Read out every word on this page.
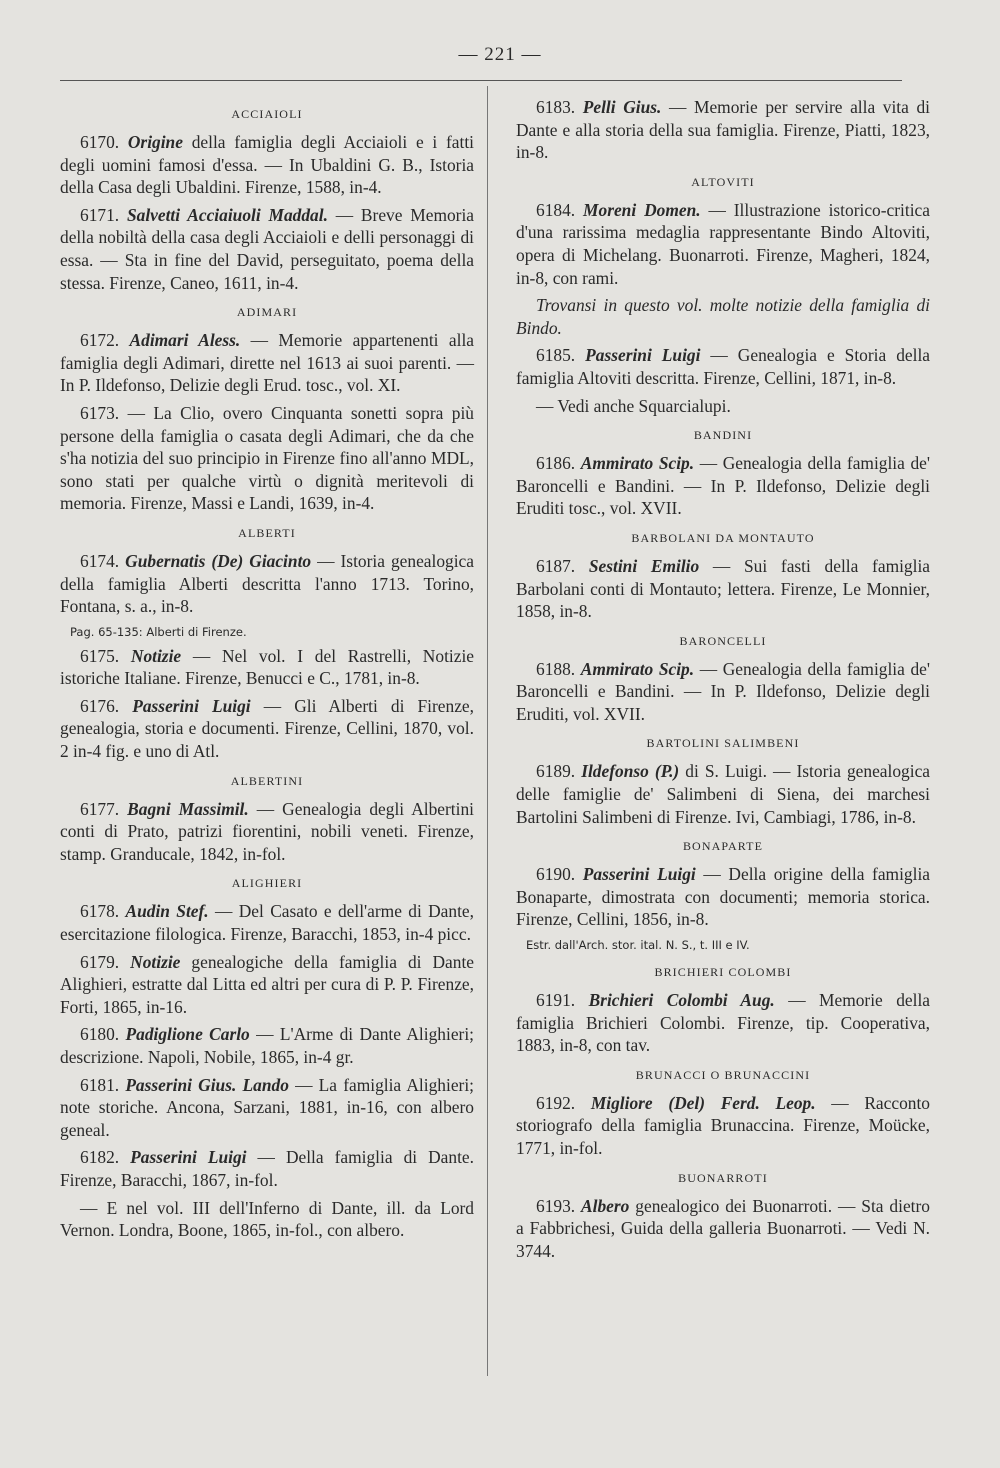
— 221 —
ACCIAIOLI
6170. Origine della famiglia degli Acciaioli e i fatti degli uomini famosi d'essa. — In Ubaldini G. B., Istoria della Casa degli Ubaldini. Firenze, 1588, in-4.
6171. Salvetti Acciaiuoli Maddal. — Breve Memoria della nobiltà della casa degli Acciaioli e delli personaggi di essa. — Sta in fine del David, perseguitato, poema della stessa. Firenze, Caneo, 1611, in-4.
ADIMARI
6172. Adimari Aless. — Memorie appartenenti alla famiglia degli Adimari, dirette nel 1613 ai suoi parenti. — In P. Ildefonso, Delizie degli Erud. tosc., vol. XI.
6173. — La Clio, overo Cinquanta sonetti sopra più persone della famiglia o casata degli Adimari, che da che s'ha notizia del suo principio in Firenze fino all'anno MDL, sono stati per qualche virtù o dignità meritevoli di memoria. Firenze, Massi e Landi, 1639, in-4.
ALBERTI
6174. Gubernatis (De) Giacinto — Istoria genealogica della famiglia Alberti descritta l'anno 1713. Torino, Fontana, s. a., in-8.
Pag. 65-135: Alberti di Firenze.
6175. Notizie — Nel vol. I del Rastrelli, Notizie istoriche Italiane. Firenze, Benucci e C., 1781, in-8.
6176. Passerini Luigi — Gli Alberti di Firenze, genealogia, storia e documenti. Firenze, Cellini, 1870, vol. 2 in-4 fig. e uno di Atl.
ALBERTINI
6177. Bagni Massimil. — Genealogia degli Albertini conti di Prato, patrizi fiorentini, nobili veneti. Firenze, stamp. Granducale, 1842, in-fol.
ALIGHIERI
6178. Audin Stef. — Del Casato e dell'arme di Dante, esercitazione filologica. Firenze, Baracchi, 1853, in-4 picc.
6179. Notizie genealogiche della famiglia di Dante Alighieri, estratte dal Litta ed altri per cura di P. P. Firenze, Forti, 1865, in-16.
6180. Padiglione Carlo — L'Arme di Dante Alighieri; descrizione. Napoli, Nobile, 1865, in-4 gr.
6181. Passerini Gius. Lando — La famiglia Alighieri; note storiche. Ancona, Sarzani, 1881, in-16, con albero geneal.
6182. Passerini Luigi — Della famiglia di Dante. Firenze, Baracchi, 1867, in-fol.
— E nel vol. III dell'Inferno di Dante, ill. da Lord Vernon. Londra, Boone, 1865, in-fol., con albero.
6183. Pelli Gius. — Memorie per servire alla vita di Dante e alla storia della sua famiglia. Firenze, Piatti, 1823, in-8.
ALTOVITI
6184. Moreni Domen. — Illustrazione istorico-critica d'una rarissima medaglia rappresentante Bindo Altoviti, opera di Michelang. Buonarroti. Firenze, Magheri, 1824, in-8, con rami.
Trovansi in questo vol. molte notizie della famiglia di Bindo.
6185. Passerini Luigi — Genealogia e Storia della famiglia Altoviti descritta. Firenze, Cellini, 1871, in-8.
— Vedi anche Squarcialupi.
BANDINI
6186. Ammirato Scip. — Genealogia della famiglia de' Baroncelli e Bandini. — In P. Ildefonso, Delizie degli Eruditi tosc., vol. XVII.
BARBOLANI DA MONTAUTO
6187. Sestini Emilio — Sui fasti della famiglia Barbolani conti di Montauto; lettera. Firenze, Le Monnier, 1858, in-8.
BARONCELLI
6188. Ammirato Scip. — Genealogia della famiglia de' Baroncelli e Bandini. — In P. Ildefonso, Delizie degli Eruditi, vol. XVII.
BARTOLINI SALIMBENI
6189. Ildefonso (P.) di S. Luigi. — Istoria genealogica delle famiglie de' Salimbeni di Siena, dei marchesi Bartolini Salimbeni di Firenze. Ivi, Cambiagi, 1786, in-8.
BONAPARTE
6190. Passerini Luigi — Della origine della famiglia Bonaparte, dimostrata con documenti; memoria storica. Firenze, Cellini, 1856, in-8.
Estr. dall'Arch. stor. ital. N. S., t. III e IV.
BRICHIERI COLOMBI
6191. Brichieri Colombi Aug. — Memorie della famiglia Brichieri Colombi. Firenze, tip. Cooperativa, 1883, in-8, con tav.
BRUNACCI O BRUNACCINI
6192. Migliore (Del) Ferd. Leop. — Racconto storiografo della famiglia Brunaccina. Firenze, Moücke, 1771, in-fol.
BUONARROTI
6193. Albero genealogico dei Buonarroti. — Sta dietro a Fabbrichesi, Guida della galleria Buonarroti. — Vedi N. 3744.
